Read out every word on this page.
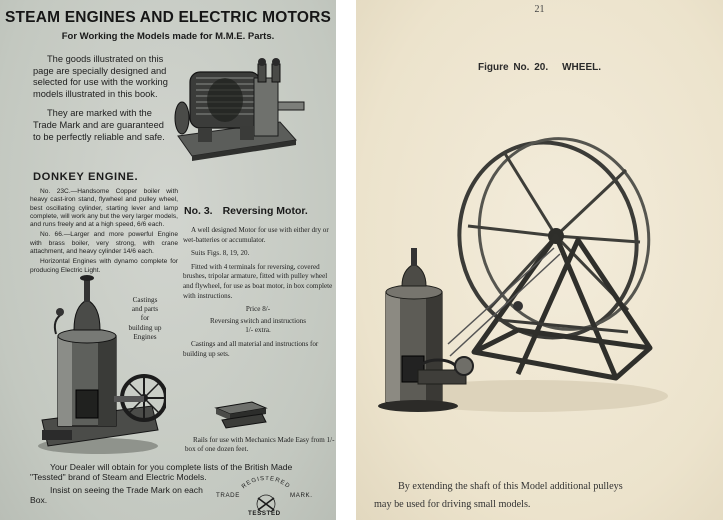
STEAM ENGINES AND ELECTRIC MOTORS
For Working the Models made for M.M.E. Parts.

The goods illustrated on this page are specially designed and selected for use with the working models illustrated in this book.

They are marked with the Trade Mark and are guaranteed to be perfectly reliable and safe.

DONKEY ENGINE.

No. 23C.—Handsome Copper boiler with heavy cast-iron stand, flywheel and pulley wheel, best oscillating cylinder, starting lever and lamp complete, will work any but the very larger models, and runs freely and at a high speed, 6/6 each.

No. 66.—Larger and more powerful Engine with brass boiler, very strong, with crane attachment, and heavy cylinder 14/6 each.

Horizontal Engines with dynamo complete for producing Electric Light.

Castings
and parts
for
building up
Engines
No. 3. Reversing Motor.

A well designed Motor for use with either dry or wet-batteries or accumulator.

Suits Figs. 8, 19, 20.

Fitted with 4 terminals for reversing, covered brushes, tripolar armature, fitted with pulley wheel and flywheel, for use as boat motor, in box complete with instructions.

Price 8/-

Reversing switch and instructions

1/- extra.

Castings and all material and instructions for building up sets.

Rails for use with Mechanics Made Easy from 1/- box of one dozen feet.
Your Dealer will obtain for you complete lists of the British Made
"Tessted" brand of Steam and Electric Models.
Insist on seeing the Trade Mark on each
Box.
REGISTERED
TRADE	MARK.
TESSTED
21
Figure No. 20. WHEEL.
By extending the shaft of this Model additional pulleys
may be used for driving small models.
